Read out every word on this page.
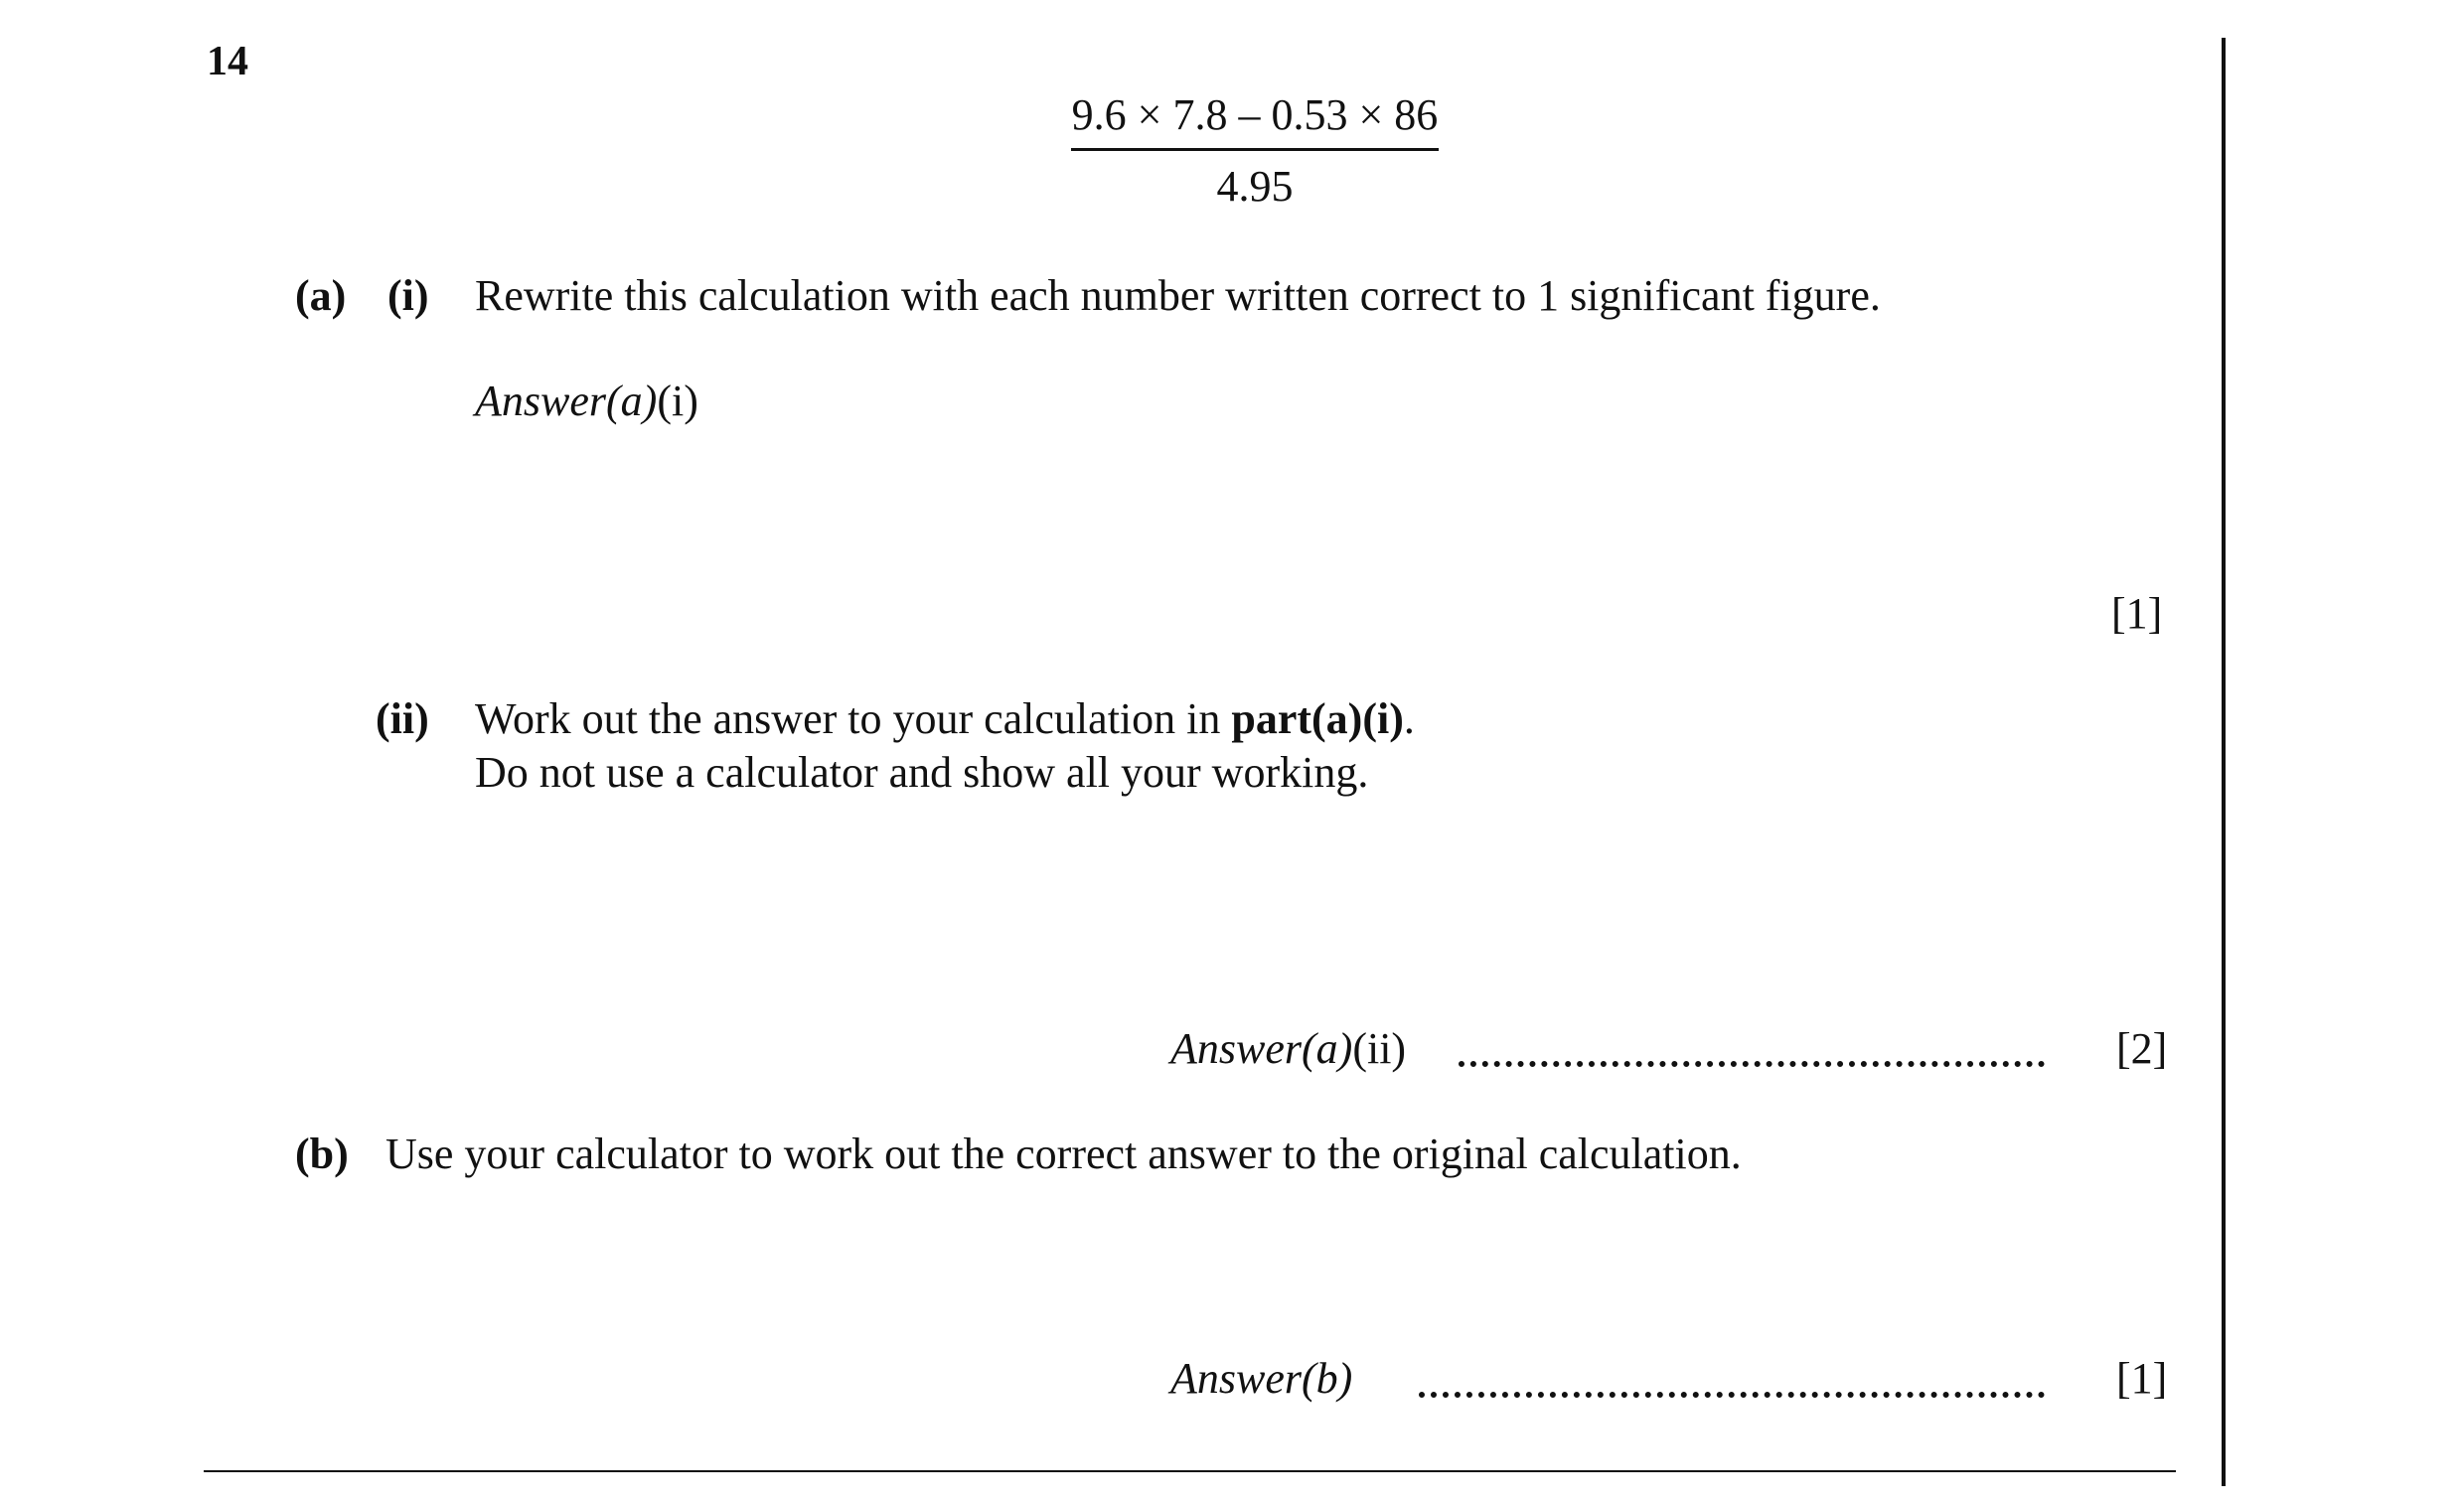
14
9.6 × 7.8 – 0.53 × 86
4.95
(a) (i) Rewrite this calculation with each number written correct to 1 significant figure.
Answer(a)(i)
[1]
(ii) Work out the answer to your calculation in part(a)(i).
Do not use a calculator and show all your working.
Answer(a)(ii)	[2]
(b) Use your calculator to work out the correct answer to the original calculation.
Answer(b)	[1]
